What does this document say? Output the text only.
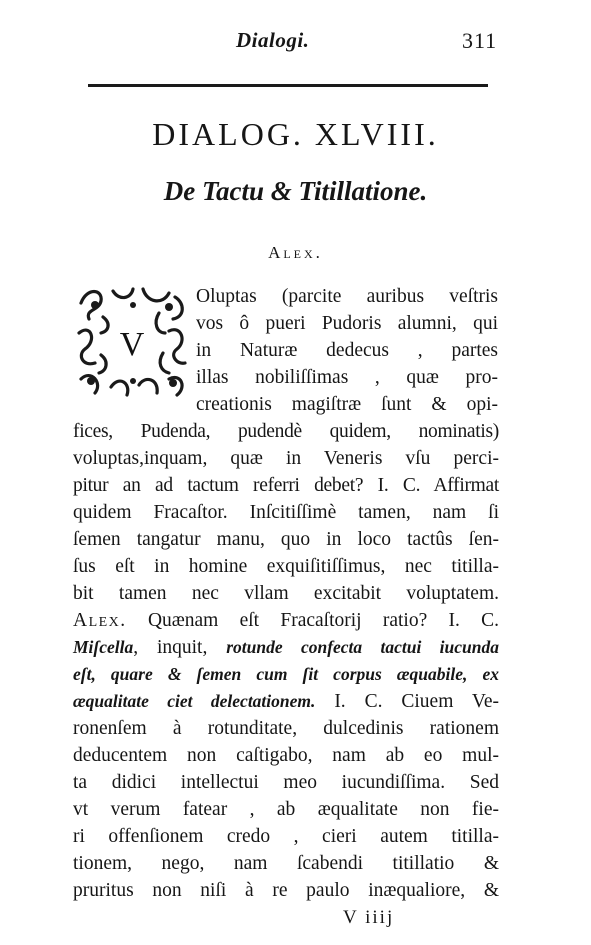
Dialogi.	311
DIALOG. XLVIII.
De Tactu & Titillatione.
Alex.
V
Oluptas (parcite auribus veſtris
vos ô pueri Pudoris alumni, qui
in Naturæ dedecus , partes
illas nobiliſſimas , quæ pro-
creationis magiſtræ ſunt & opi-
fices, Pudenda, pudendè quidem, nominatis)
voluptas,inquam, quæ in Veneris vſu perci-
pitur an ad tactum referri debet? I. C. Affirmat
quidem Fracaſtor. Inſcitiſſimè tamen, nam ſi
ſemen tangatur manu, quo in loco tactûs ſen-
ſus eſt in homine exquiſitiſſimus, nec titilla-
bit tamen nec vllam excitabit voluptatem.
Alex. Quænam eſt Fracaſtorij ratio? I. C.
Miſcella, inquit, rotunde confecta tactui iucunda
eſt, quare & ſemen cum ſit corpus æquabile, ex
æqualitate ciet delectationem. I. C. Ciuem Ve-
ronenſem à rotunditate, dulcedinis rationem
deducentem non caſtigabo, nam ab eo mul-
ta didici intellectui meo iucundiſſima. Sed
vt verum fatear , ab æqualitate non fie-
ri offenſionem credo , cieri autem titilla-
tionem, nego, nam ſcabendi titillatio &
pruritus non niſi à re paulo inæqualiore, &
V iiij
